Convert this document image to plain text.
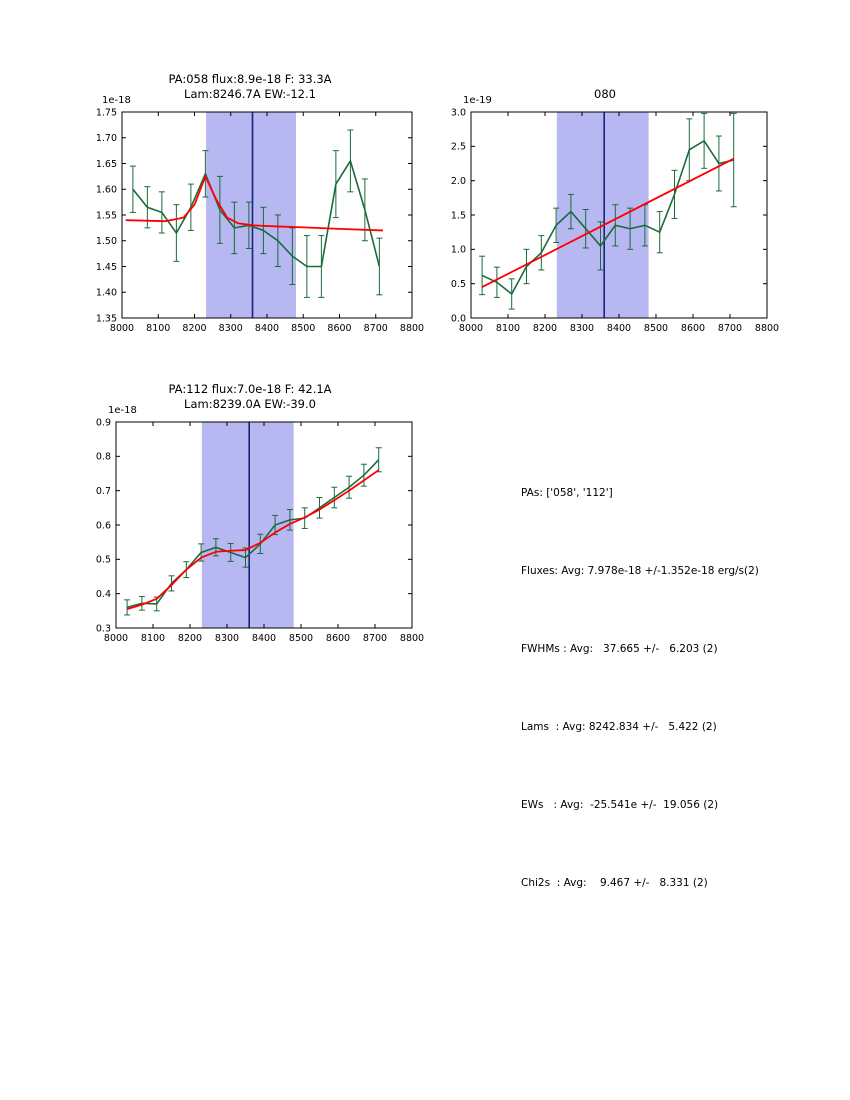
PA:058 flux:8.9e-18 F: 33.3A
Lam:8246.7A EW:-12.1
1e-18
8000 8100 8200 8300 8400 8500 8600 8700 8800
1.35
1.40
1.45
1.50
1.55
1.60
1.65
1.70
1.75
080
1e-19
8000 8100 8200 8300 8400 8500 8600 8700 8800
0.0
0.5
1.0
1.5
2.0
2.5
3.0
PA:112 flux:7.0e-18 F: 42.1A
Lam:8239.0A EW:-39.0
1e-18
8000 8100 8200 8300 8400 8500 8600 8700 8800
0.3
0.4
0.5
0.6
0.7
0.8
0.9

PAs: ['058', '112']

Fluxes: Avg: 7.978e-18 +/-1.352e-18 erg/s(2)

FWHMs : Avg:   37.665 +/-   6.203 (2)

Lams  : Avg: 8242.834 +/-   5.422 (2)

EWs   : Avg:  -25.541e +/-  19.056 (2)

Chi2s  : Avg:    9.467 +/-   8.331 (2)
